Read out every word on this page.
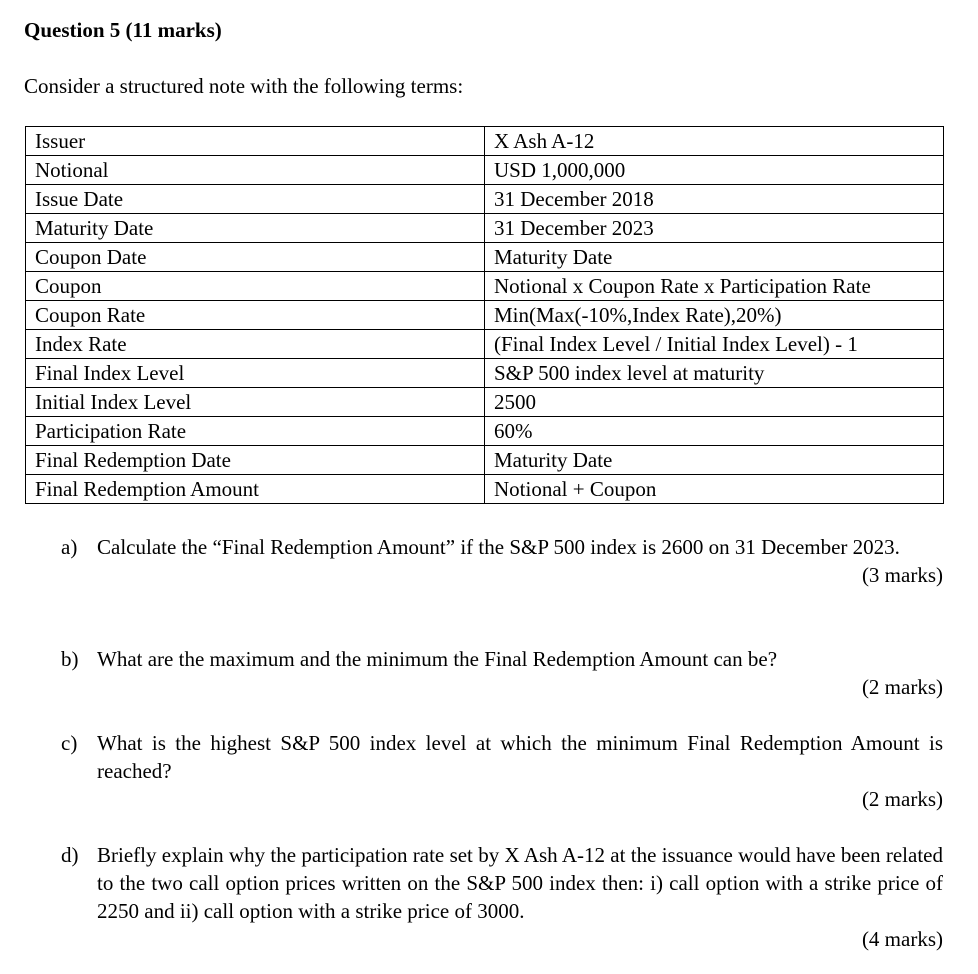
Question 5 (11 marks)
Consider a structured note with the following terms:
Issuer	X Ash A-12
Notional	USD 1,000,000
Issue Date	31 December 2018
Maturity Date	31 December 2023
Coupon Date	Maturity Date
Coupon	Notional x Coupon Rate x Participation Rate
Coupon Rate	Min(Max(-10%,Index Rate),20%)
Index Rate	(Final Index Level / Initial Index Level) - 1
Final Index Level	S&P 500 index level at maturity
Initial Index Level	2500
Participation Rate	60%
Final Redemption Date	Maturity Date
Final Redemption Amount	Notional + Coupon
a) Calculate the “Final Redemption Amount” if the S&P 500 index is 2600 on 31 December 2023.
(3 marks)
b) What are the maximum and the minimum the Final Redemption Amount can be?
(2 marks)
c) What is the highest S&P 500 index level at which the minimum Final Redemption Amount is reached?
(2 marks)
d) Briefly explain why the participation rate set by X Ash A-12 at the issuance would have been related to the two call option prices written on the S&P 500 index then: i) call option with a strike price of 2250 and ii) call option with a strike price of 3000.
(4 marks)
